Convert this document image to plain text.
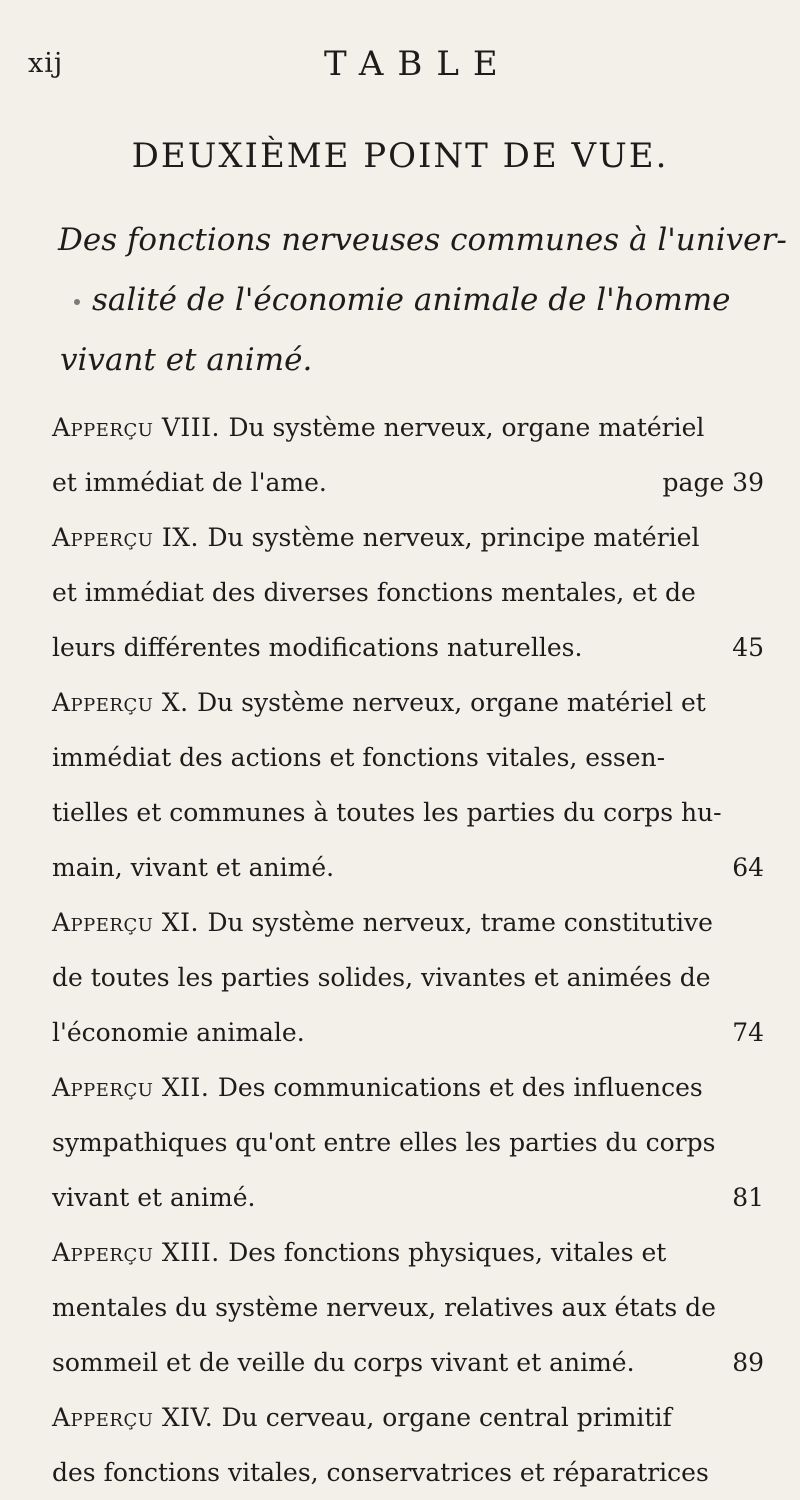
xij	TABLE
DEUXIÈME POINT DE VUE.
Des fonctions nerveuses communes à l'univer-
salité de l'économie animale de l'homme
vivant et animé.
Apperçu VIII. Du système nerveux, organe matériel
et immédiat de l'ame.	page 39
Apperçu IX. Du système nerveux, principe matériel
et immédiat des diverses fonctions mentales, et de
leurs différentes modifications naturelles.	45
Apperçu X. Du système nerveux, organe matériel et
immédiat des actions et fonctions vitales, essen-
tielles et communes à toutes les parties du corps hu-
main, vivant et animé.	64
Apperçu XI. Du système nerveux, trame constitutive
de toutes les parties solides, vivantes et animées de
l'économie animale.	74
Apperçu XII. Des communications et des influences
sympathiques qu'ont entre elles les parties du corps
vivant et animé.	81
Apperçu XIII. Des fonctions physiques, vitales et
mentales du système nerveux, relatives aux états de
sommeil et de veille du corps vivant et animé.	89
Apperçu XIV. Du cerveau, organe central primitif
des fonctions vitales, conservatrices et réparatrices
